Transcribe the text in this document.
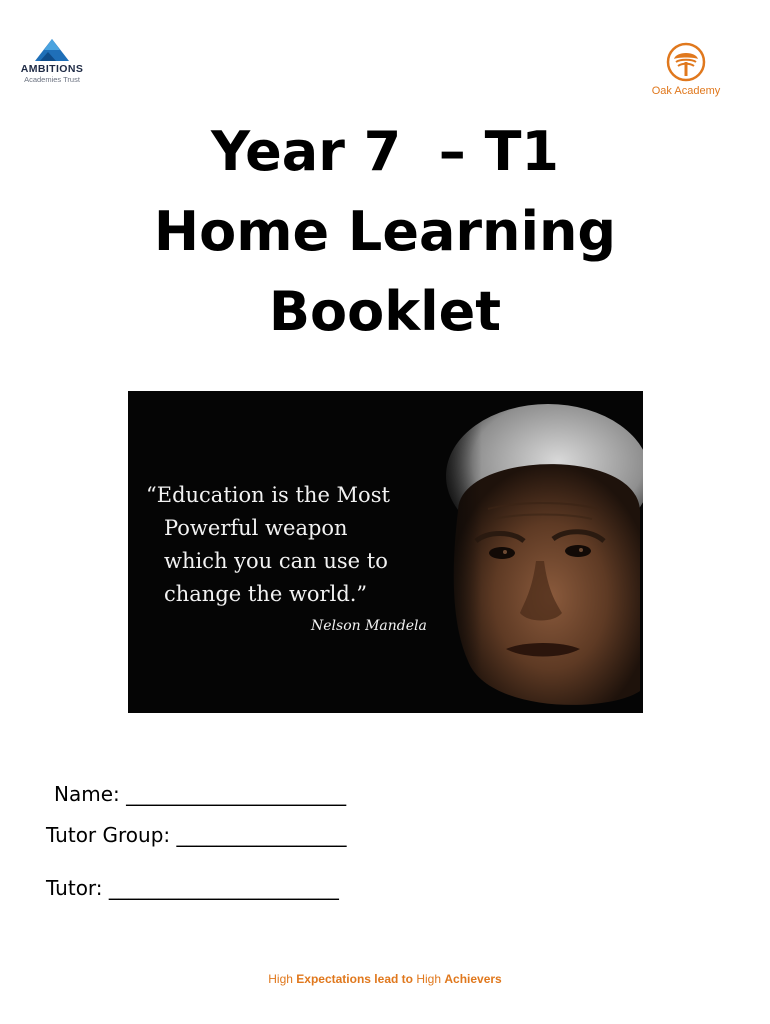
AMBITIONS
Academies Trust
Oak Academy
Year 7  – T1
Home Learning
Booklet
“Education is the Most
Powerful weapon
which you can use to
change the world.”
Nelson Mandela
Name: ______________________
Tutor Group: _________________
Tutor: _______________________
High Expectations lead to High Achievers
